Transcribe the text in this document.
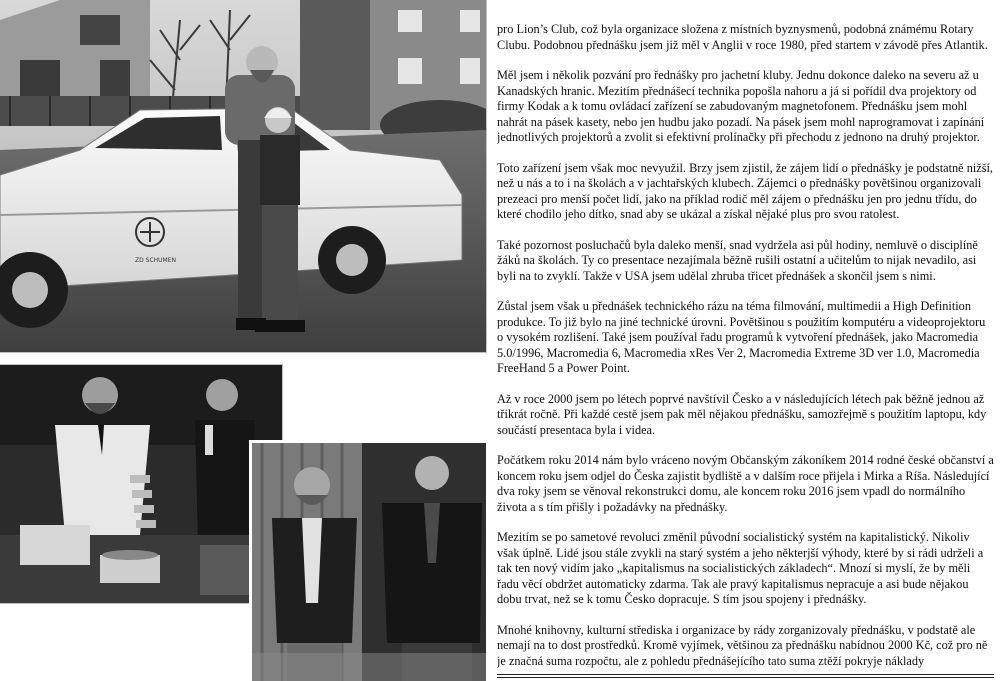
ZD SCHUMEN

pro Lion’s Club, což byla organizace složena z místních byznysmenů, podobná známému Rotary Clubu. Podobnou přednášku jsem již měl v Anglii v roce 1980, před startem v závodě přes Atlantik.

Měl jsem i několik pozvání pro řednášky pro jachetní kluby. Jednu dokonce daleko na severu až u Kanadských hranic. Mezitím přednášecí technika popošla nahoru a já si pořídil dva projektory od firmy Kodak a k tomu ovládací zařízení se zabudovaným magnetofonem. Přednášku jsem mohl nahrát na pásek kasety, nebo jen hudbu jako pozadí. Na pásek jsem mohl naprogramovat i zapínání jednotlivých projektorů a zvolit si efektivní prolínačky při přechodu z jednono na druhý projektor.

Toto zařízení jsem však moc nevyužil. Brzy jsem zjistil, že zájem lidí o přednášky je podstatně nižší, než u nás a to i na školách a v jachtařských klubech. Zájemci o přednášky povětšinou organizovali prezeaci pro menší počet lidí, jako na příklad rodič měl zájem o přednášku jen pro jednu třídu, do které chodilo jeho dítko, snad aby se ukázal a získal nějaké plus pro svou ratolest.

Také pozornost posluchačů byla daleko menší, snad vydržela asi půl hodiny, nemluvě o disciplíně žáků na školách. Ty co presentace nezajímala běžně rušili ostatní a učitelům to nijak nevadilo, asi byli na to zvyklí. Takže v USA jsem udělal zhruba třicet přednášek a skončil jsem s nimi.

Zůstal jsem však u přednášek technického rázu na téma filmování, multimedii a High Definition produkce. To již bylo na jiné technické úrovni. Povětšinou s použitím komputéru a videoprojektoru o vysokém rozlišení. Také jsem používal řadu programů k vytvoření přednášek, jako Macromedia 5.0/1996, Macromedia 6, Macromedia xRes Ver 2, Macromedia Extreme 3D ver 1.0, Macromedia FreeHand 5 a Power Point.

Až v roce 2000 jsem po létech poprvé navštívil Česko a v následujících létech pak běžně jednou až třikrát ročně. Při každé cestě jsem pak měl nějakou přednášku, samozřejmě s použitím laptopu, kdy součástí presentaca byla i videa.

Počátkem roku 2014 nám bylo vráceno novým Občanským zákoníkem 2014 rodné české občanství a koncem roku jsem odjel do Česka zajistit bydliště a v dalším roce přijela i Mirka a Ríša. Následující dva roky jsem se věnoval rekonstrukci domu, ale koncem roku 2016 jsem vpadl do normálního života a s tím přišly i požadávky na přednášky.

Mezitím se po sametové revoluci změnil původní socialistický systém na kapitalistický. Nikoliv však úplně. Lidé jsou stále zvykli na starý systém a jeho některjší výhody, které by si rádi udrželi a tak ten nový vidím jako „kapitalismus na socialistických základech“. Mnozí si myslí, že by měli řadu věcí obdržet automaticky zdarma. Tak ale pravý kapitalismus nepracuje a asi bude nějakou dobu trvat, než se k tomu Česko dopracuje. S tím jsou spojeny i přednášky.

Mnohé knihovny, kulturní střediska i organizace by rády zorganizovaly přednášku, v podstatě ale nemají na to dost prostředků. Kromě vyjímek, většinou za přednášku nabídnou 2000 Kč, což pro ně je značná suma rozpočtu, ale z pohledu přednášejícího tato suma ztěží pokryje náklady
